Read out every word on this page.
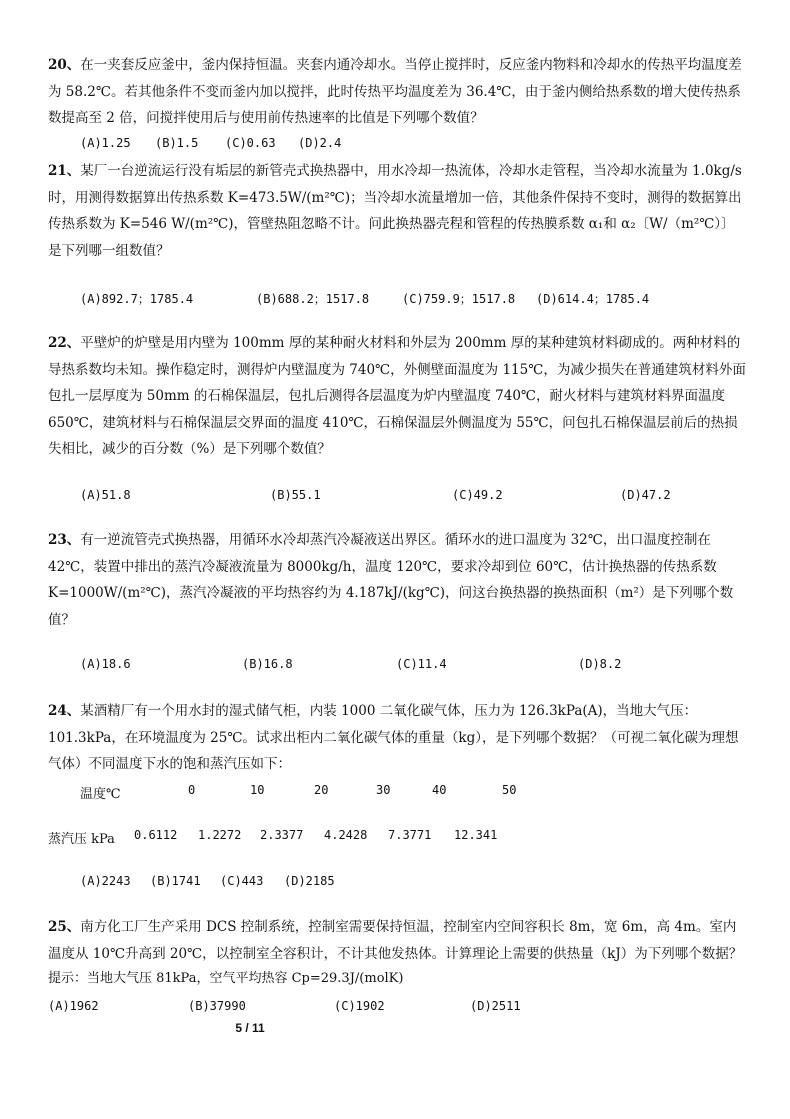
20、在一夹套反应釜中，釜内保持恒温。夹套内通冷却水。当停止搅拌时，反应釜内物料和冷却水的传热平均温度差为 58.2℃。若其他条件不变而釜内加以搅拌，此时传热平均温度差为 36.4℃，由于釜内侧给热系数的增大使传热系数提高至 2 倍，问搅拌使用后与使用前传热速率的比值是下列哪个数值？
(A)1.25 (B)1.5 (C)0.63 (D)2.4
21、某厂一台逆流运行没有垢层的新管壳式换热器中，用水冷却一热流体，冷却水走管程，当冷却水流量为 1.0kg/s 时，用测得数据算出传热系数 K=473.5W/(m²℃)；当冷却水流量增加一倍，其他条件保持不变时，测得的数据算出传热系数为 K=546 W/(m²℃)，管壁热阻忽略不计。问此换热器壳程和管程的传热膜系数 α₁和 α₂〔W/（m²℃）〕是下列哪一组数值？
(A)892.7；1785.4	(B)688.2；1517.8	(C)759.9；1517.8 (D)614.4；1785.4
22、平壁炉的炉壁是用内壁为 100mm 厚的某种耐火材料和外层为 200mm 厚的某种建筑材料砌成的。两种材料的导热系数均未知。操作稳定时，测得炉内壁温度为 740℃，外侧壁面温度为 115℃，为减少损失在普通建筑材料外面包扎一层厚度为 50mm 的石棉保温层，包扎后测得各层温度为炉内壁温度 740℃，耐火材料与建筑材料界面温度 650℃，建筑材料与石棉保温层交界面的温度 410℃，石棉保温层外侧温度为 55℃，问包扎石棉保温层前后的热损失相比，减少的百分数（%）是下列哪个数值？
(A)51.8	(B)55.1	(C)49.2	(D)47.2
23、有一逆流管壳式换热器，用循环水冷却蒸汽冷凝液送出界区。循环水的进口温度为 32℃，出口温度控制在 42℃，装置中排出的蒸汽冷凝液流量为 8000kg/h，温度 120℃，要求冷却到位 60℃，估计换热器的传热系数 K=1000W/(m²℃)，蒸汽冷凝液的平均热容约为 4.187kJ/(kg℃)，问这台换热器的换热面积（m²）是下列哪个数值？
(A)18.6	(B)16.8	(C)11.4	(D)8.2
24、某酒精厂有一个用水封的湿式储气柜，内装 1000 二氧化碳气体，压力为 126.3kPa(A)，当地大气压：101.3kPa，在环境温度为 25℃。试求出柜内二氧化碳气体的重量（kg），是下列哪个数据？（可视二氧化碳为理想气体）不同温度下水的饱和蒸汽压如下：
温度℃	0	10	20	30	40	50
蒸汽压 kPa 0.6112 1.2272 2.3377 4.2428 7.3771 12.341
(A)2243 (B)1741 (C)443 (D)2185
25、南方化工厂生产采用 DCS 控制系统，控制室需要保持恒温，控制室内空间容积长 8m，宽 6m，高 4m。室内温度从 10℃升高到 20℃，以控制室全容积计，不计其他发热体。计算理论上需要的供热量（kJ）为下列哪个数据？
提示：当地大气压 81kPa，空气平均热容 Cp=29.3J/(molK)
(A)1962	(B)37990	(C)1902	(D)2511
5 / 11
